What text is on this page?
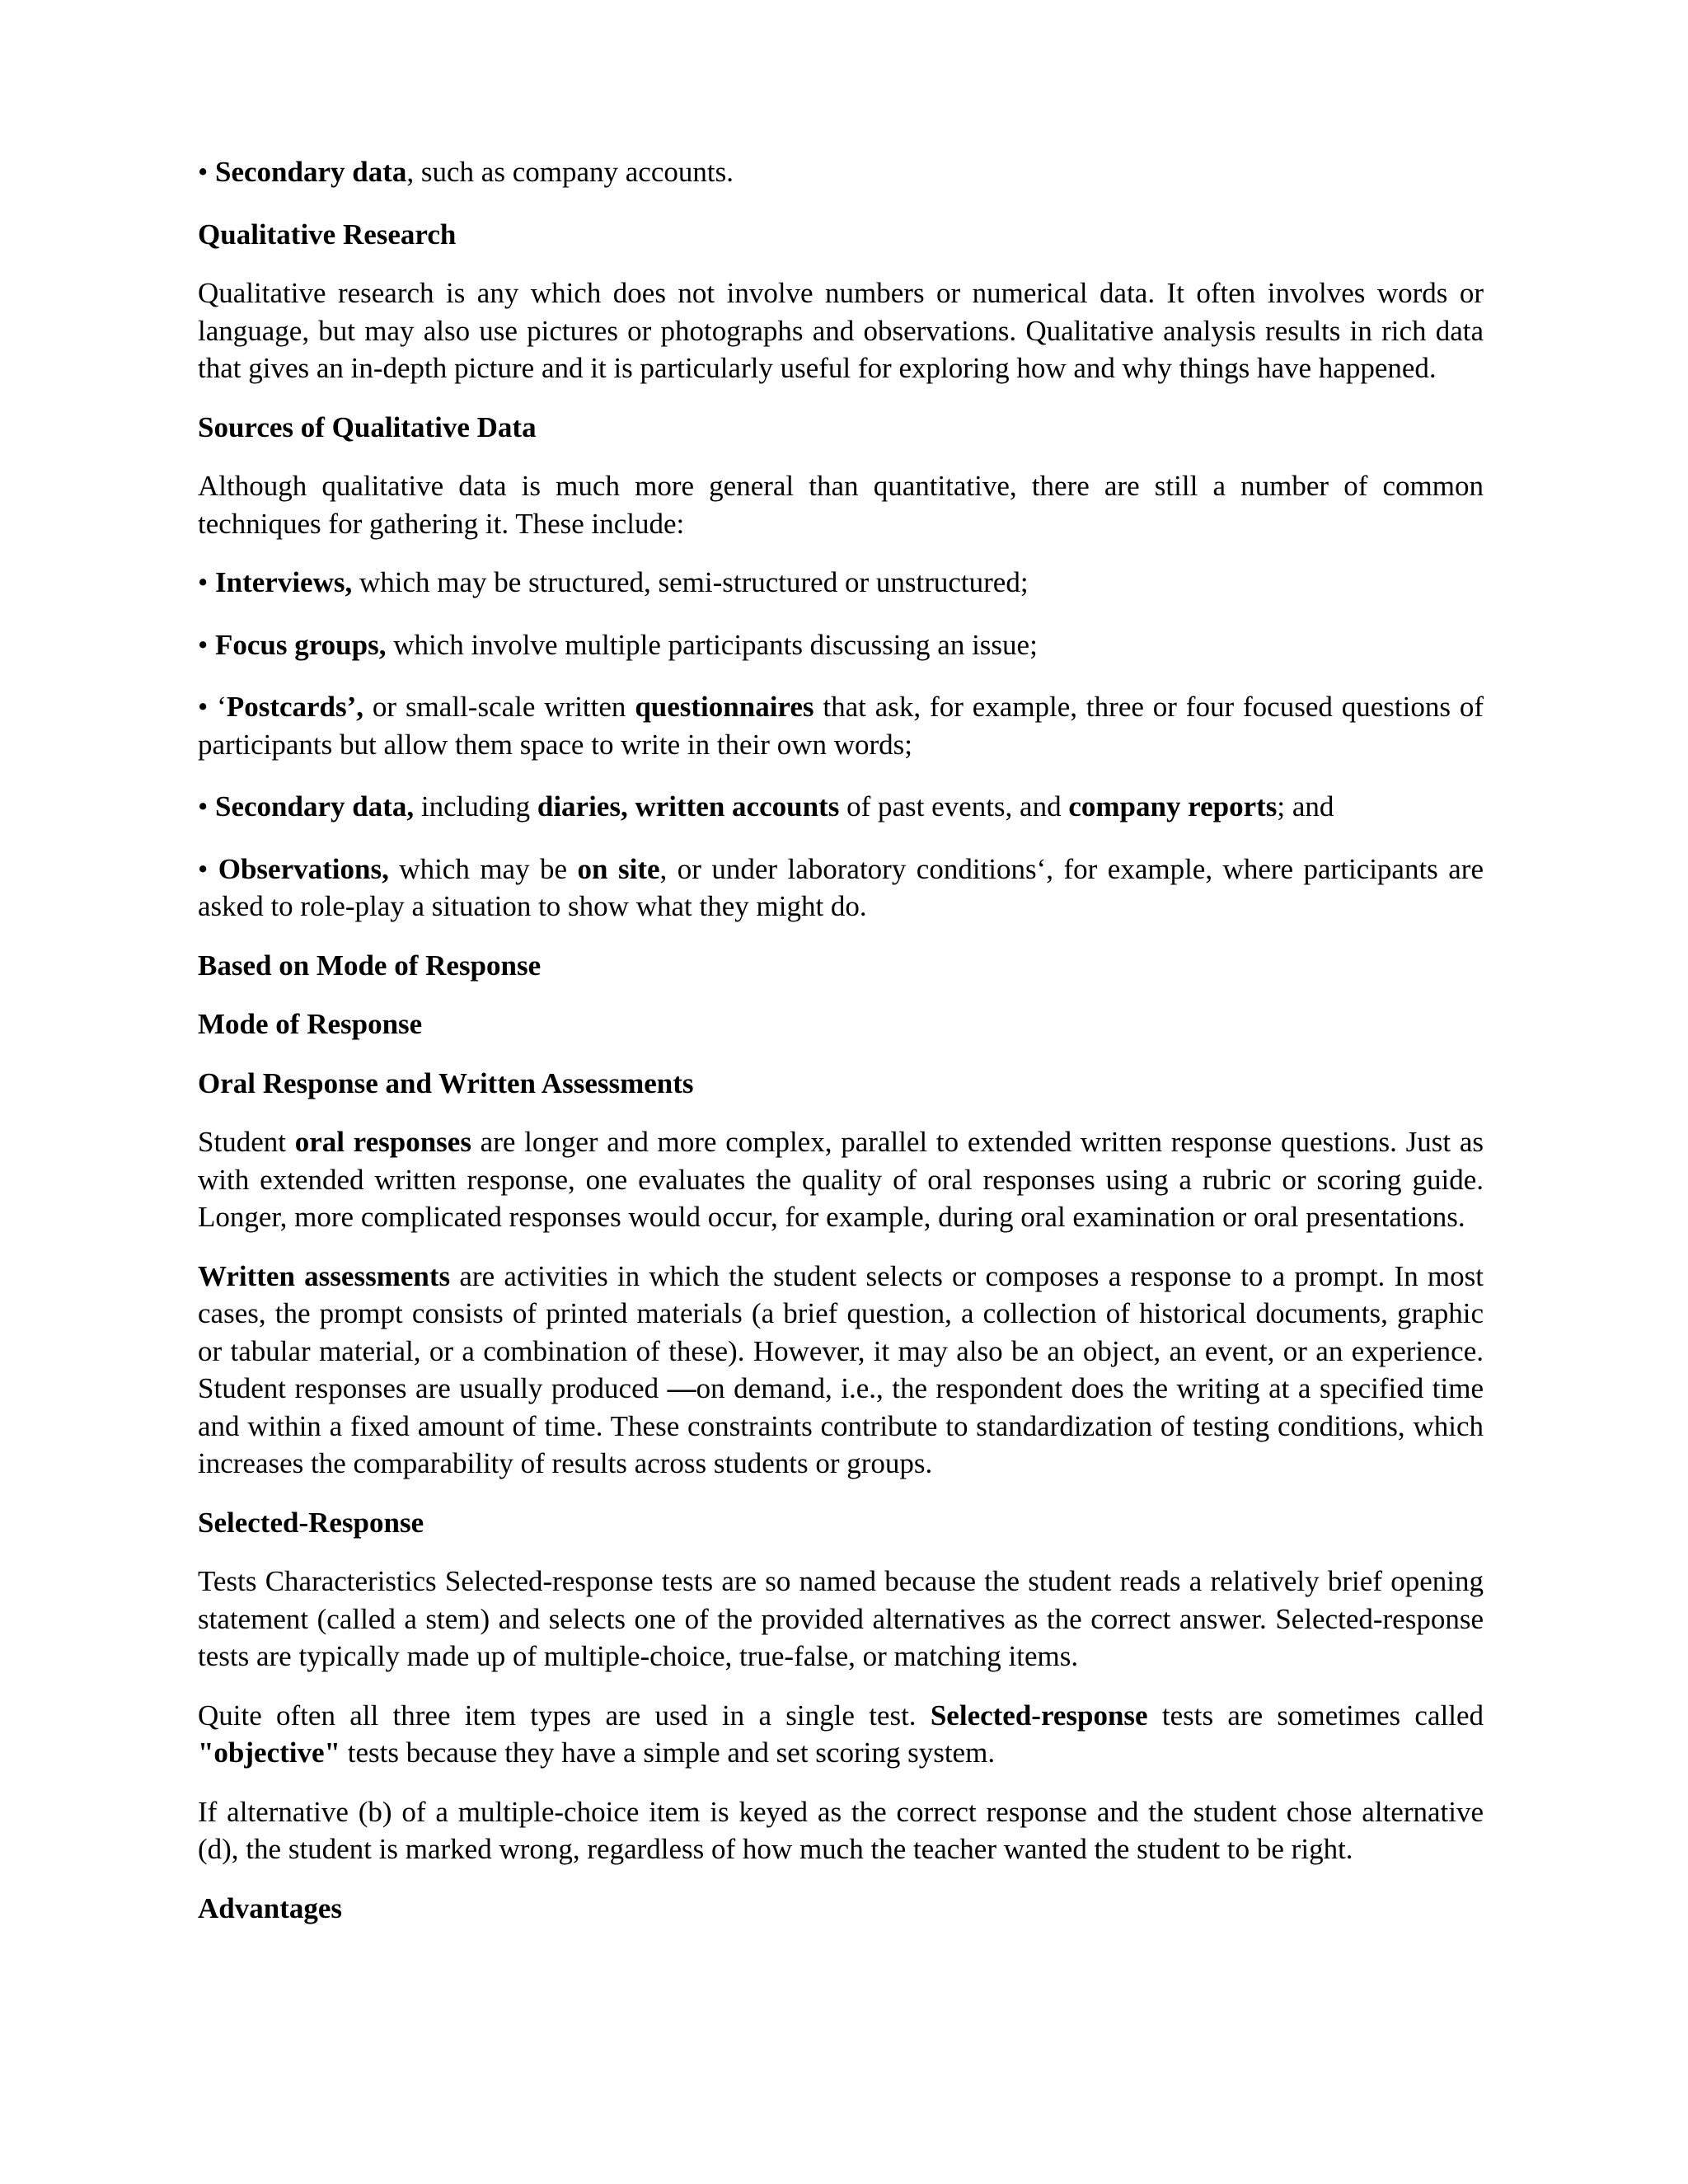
• Secondary data, such as company accounts.

Qualitative Research

Qualitative research is any which does not involve numbers or numerical data. It often involves words or language, but may also use pictures or photographs and observations. Qualitative analysis results in rich data that gives an in-depth picture and it is particularly useful for exploring how and why things have happened.

Sources of Qualitative Data

Although qualitative data is much more general than quantitative, there are still a number of common techniques for gathering it. These include:

• Interviews, which may be structured, semi-structured or unstructured;

• Focus groups, which involve multiple participants discussing an issue;

• ‘Postcards’, or small-scale written questionnaires that ask, for example, three or four focused questions of participants but allow them space to write in their own words;

• Secondary data, including diaries, written accounts of past events, and company reports; and

• Observations, which may be on site, or under laboratory conditions‘, for example, where participants are asked to role-play a situation to show what they might do.

Based on Mode of Response

Mode of Response

Oral Response and Written Assessments

Student oral responses are longer and more complex, parallel to extended written response questions. Just as with extended written response, one evaluates the quality of oral responses using a rubric or scoring guide. Longer, more complicated responses would occur, for example, during oral examination or oral presentations.

Written assessments are activities in which the student selects or composes a response to a prompt. In most cases, the prompt consists of printed materials (a brief question, a collection of historical documents, graphic or tabular material, or a combination of these). However, it may also be an object, an event, or an experience. Student responses are usually produced ―on demand, i.e., the respondent does the writing at a specified time and within a fixed amount of time. These constraints contribute to standardization of testing conditions, which increases the comparability of results across students or groups.

Selected-Response

Tests Characteristics Selected-response tests are so named because the student reads a relatively brief opening statement (called a stem) and selects one of the provided alternatives as the correct answer. Selected-response tests are typically made up of multiple-choice, true-false, or matching items.

Quite often all three item types are used in a single test. Selected-response tests are sometimes called "objective" tests because they have a simple and set scoring system.

If alternative (b) of a multiple-choice item is keyed as the correct response and the student chose alternative (d), the student is marked wrong, regardless of how much the teacher wanted the student to be right.

Advantages
